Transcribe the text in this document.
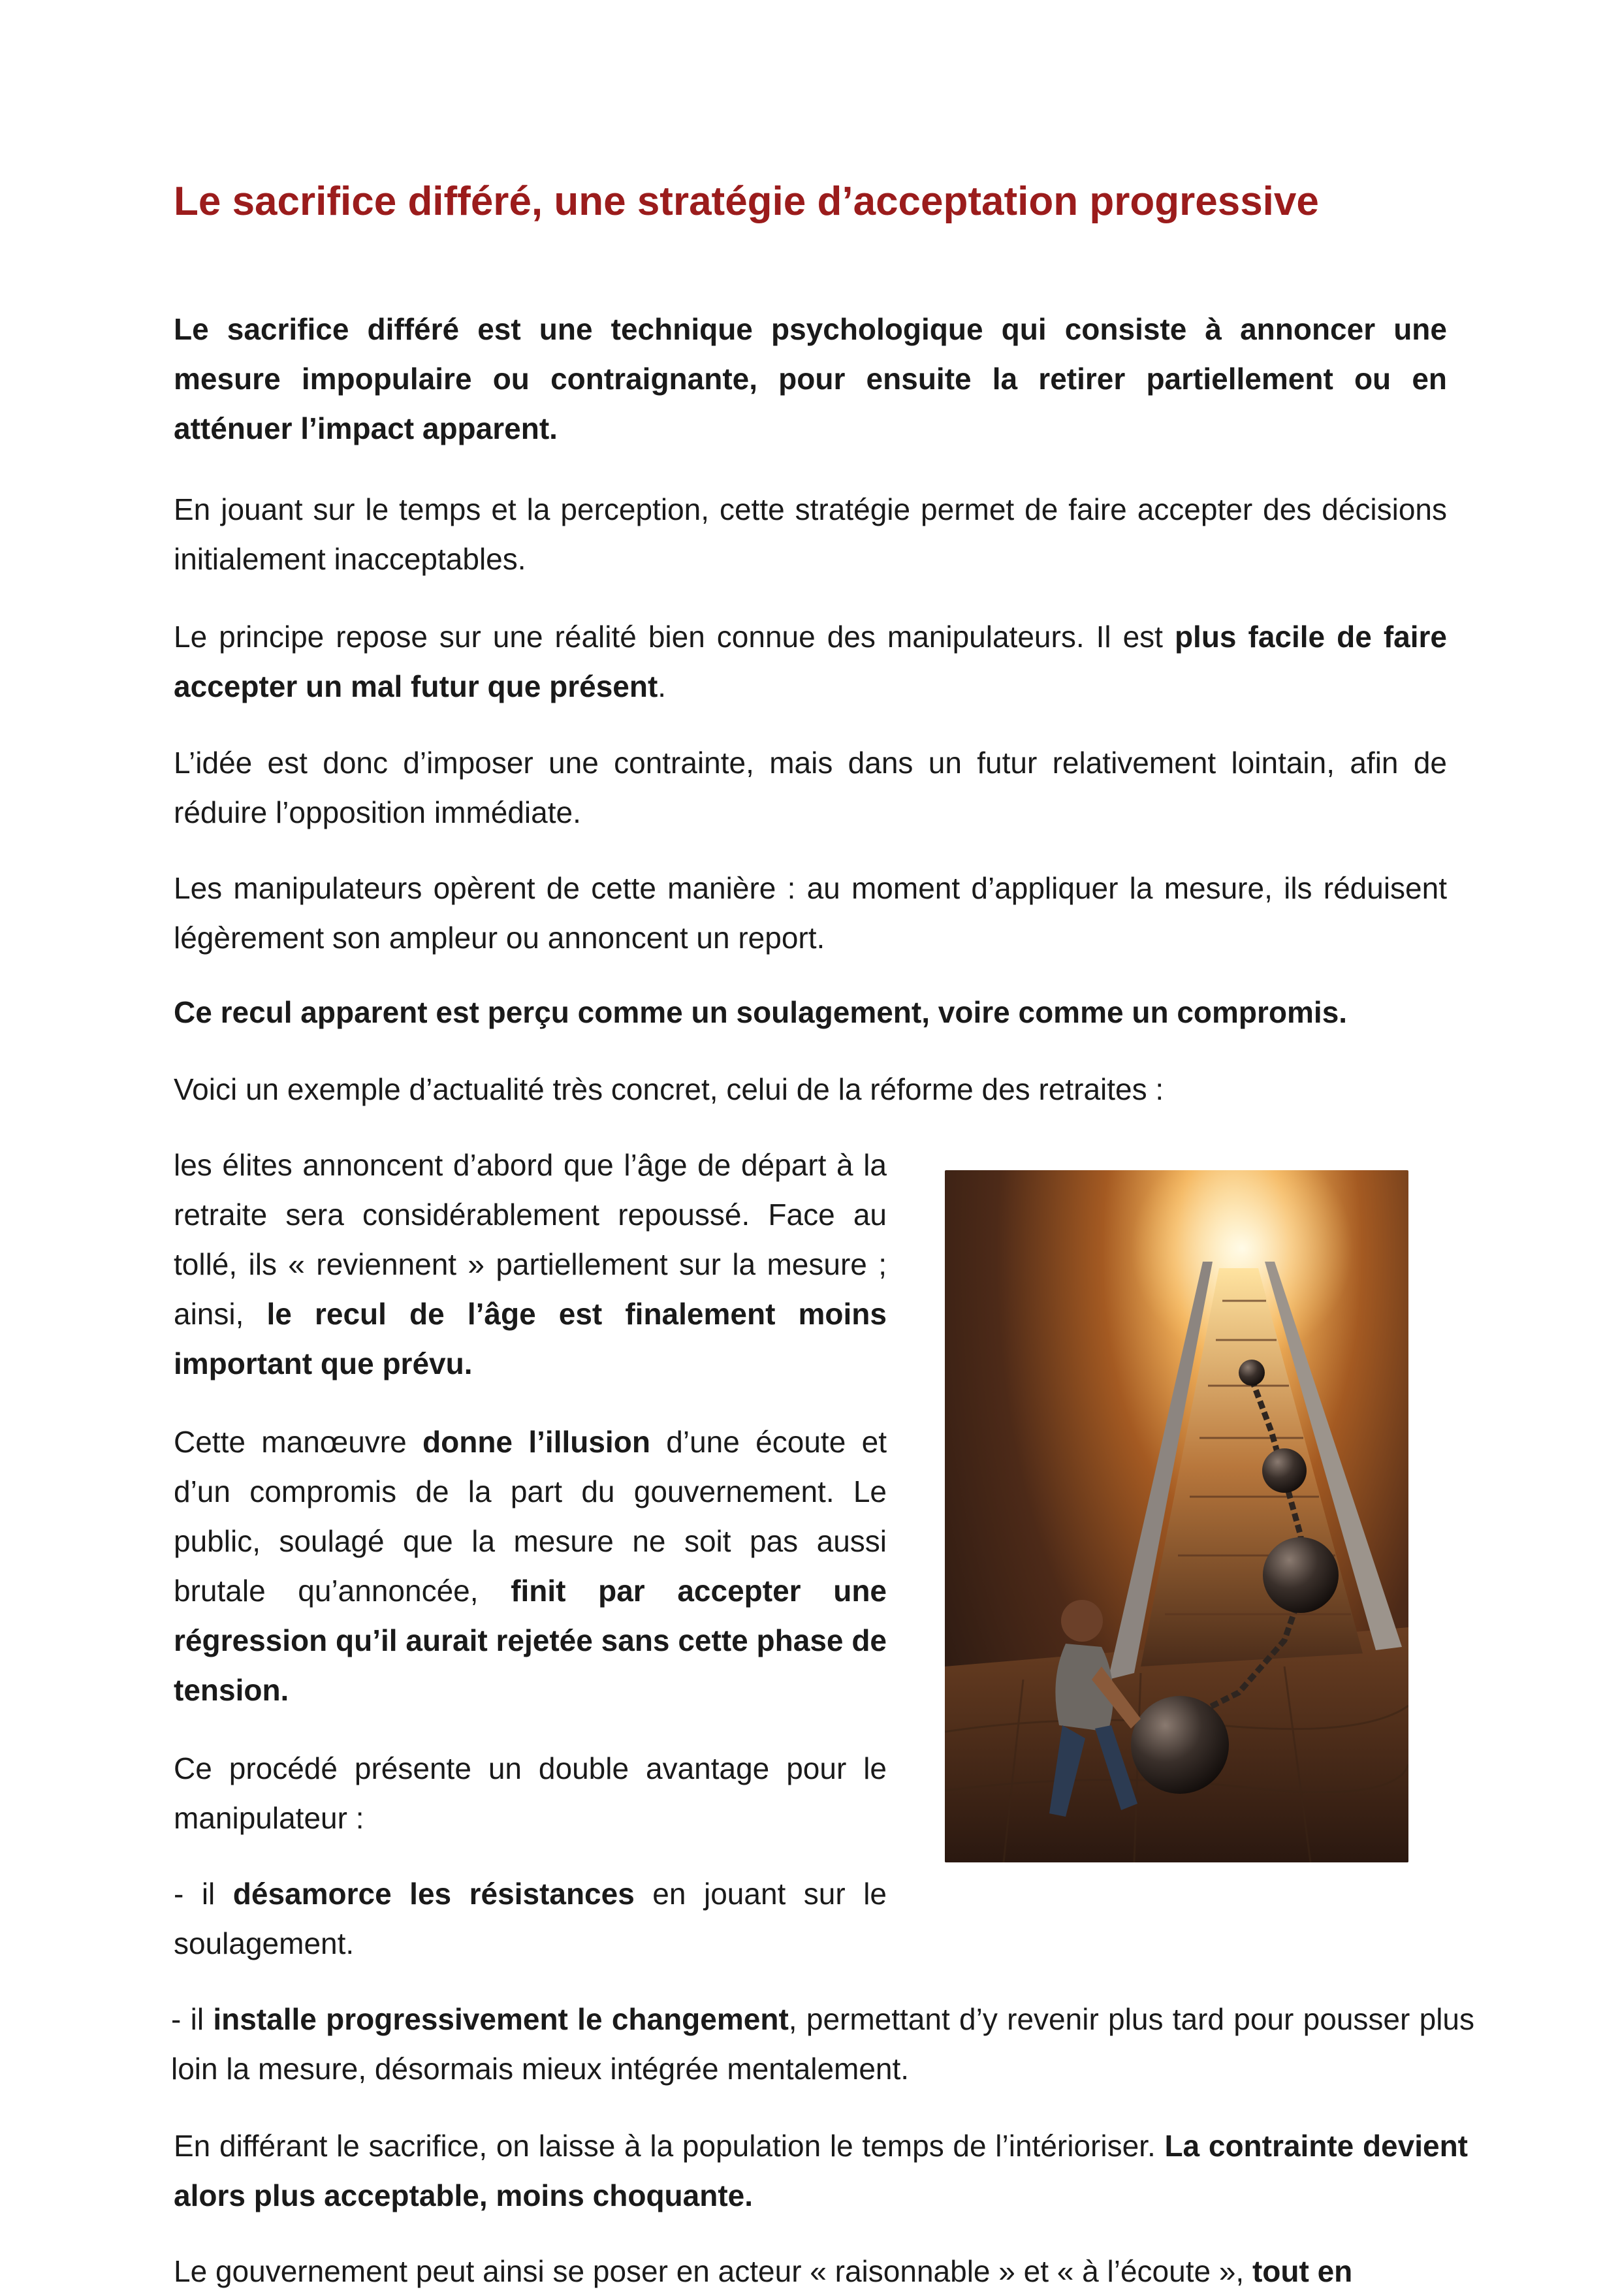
Le sacrifice différé, une stratégie d’acceptation progressive

Le sacrifice différé est une technique psychologique qui consiste à annoncer une mesure impopulaire ou contraignante, pour ensuite la retirer partiellement ou en atténuer l’impact apparent.

En jouant sur le temps et la perception, cette stratégie permet de faire accepter des décisions initialement inacceptables.

Le principe repose sur une réalité bien connue des manipulateurs. Il est plus facile de faire accepter un mal futur que présent.

L’idée est donc d’imposer une contrainte, mais dans un futur relativement lointain, afin de réduire l’opposition immédiate.

Les manipulateurs opèrent de cette manière : au moment d’appliquer la mesure, ils réduisent légèrement son ampleur ou annoncent un report.

Ce recul apparent est perçu comme un soulagement, voire comme un compromis.

Voici un exemple d’actualité très concret, celui de la réforme des retraites :

les élites annoncent d’abord que l’âge de départ à la retraite sera considérablement repoussé. Face au tollé, ils « reviennent » partiellement sur la mesure ; ainsi, le recul de l’âge est finalement moins important que prévu.

Cette manœuvre donne l’illusion d’une écoute et d’un compromis de la part du gouvernement. Le public, soulagé que la mesure ne soit pas aussi brutale qu’annoncée, finit par accepter une régression qu’il aurait rejetée sans cette phase de tension.

Ce procédé présente un double avantage pour le manipulateur :

- il désamorce les résistances en jouant sur le soulagement.

- il installe progressivement le changement, permettant d’y revenir plus tard pour pousser plus loin la mesure, désormais mieux intégrée mentalement.

En différant le sacrifice, on laisse à la population le temps de l’intérioriser. La contrainte devient alors plus acceptable, moins choquante.

Le gouvernement peut ainsi se poser en acteur « raisonnable » et « à l’écoute », tout en
